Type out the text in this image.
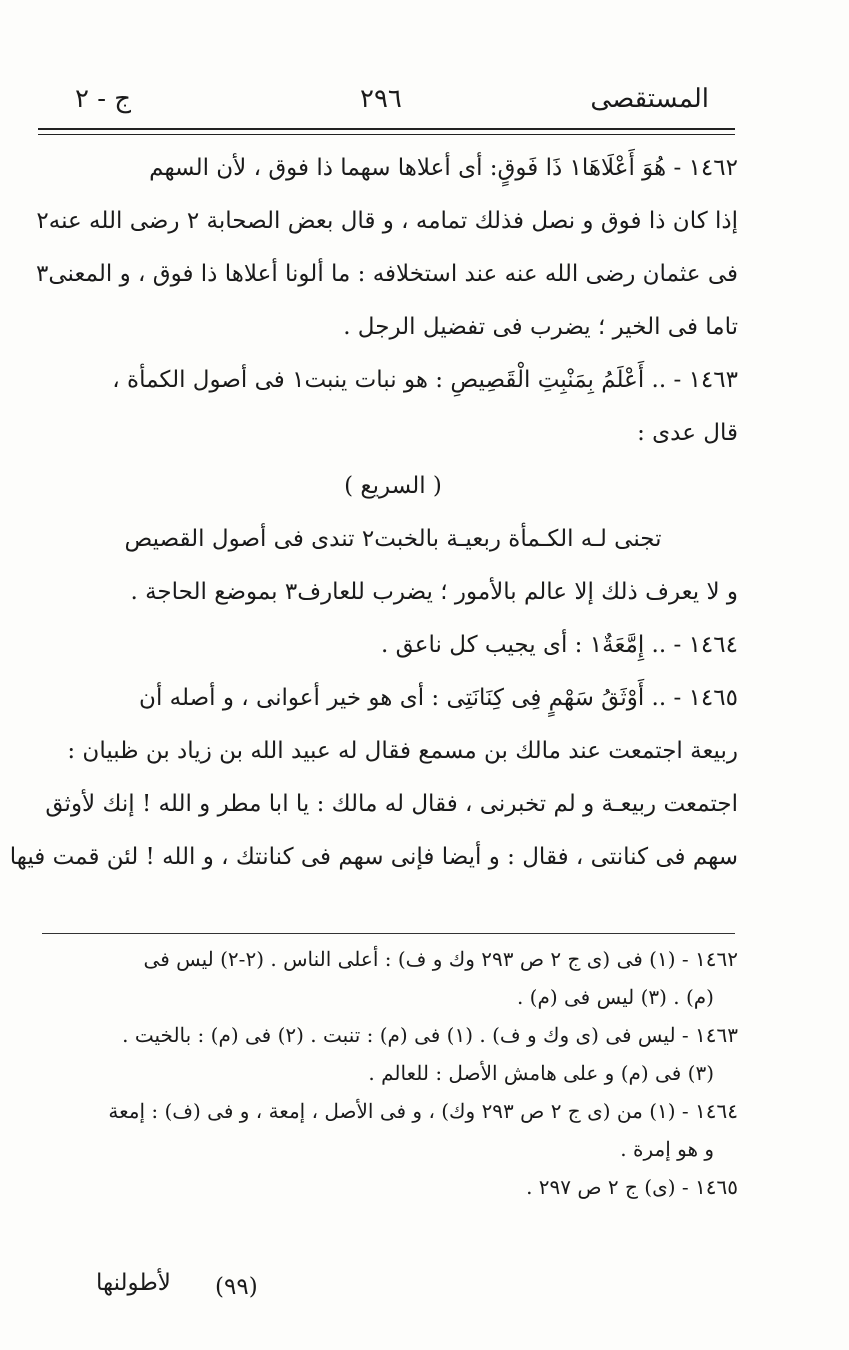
المستقصى
٢٩٦
ج - ٢
١٤٦٢ - هُوَ أَعْلَاهَا١ ذَا فَوقٍ: أى أعلاها سهما ذا فوق ، لأن السهم
إذا كان ذا فوق و نصل فذلك تمامه ، و قال بعض الصحابة ٢ رضى الله عنه٢
فى عثمان رضى الله عنه عند استخلافه : ما ألونا أعلاها ذا فوق ، و المعنى٣
تاما فى الخير ؛ يضرب فى تفضيل الرجل .
١٤٦٣ - .. أَعْلَمُ بِمَنْبِتِ الْقَصِيصِ : هو نبات ينبت١ فى أصول الكمأة ،
قال عدى :
( السريع )
تجنى لـه الكـمأة ربعيـة بالخبت٢ تندى فى أصول القصيص
و لا يعرف ذلك إلا عالم بالأمور ؛ يضرب للعارف٣ بموضع الحاجة .
١٤٦٤ - .. إِمَّعَةٌ١ : أى يجيب كل ناعق .
١٤٦٥ - .. أَوْثَقُ سَهْمٍ فِى كِنَانَتِى : أى هو خير أعوانى ، و أصله أن
ربيعة اجتمعت عند مالك بن مسمع فقال له عبيد الله بن زياد بن ظبيان :
اجتمعت ربيعـة و لم تخبرنى ، فقال له مالك : يا ابا مطر و الله ! إنك لأوثق
سهم فى كنانتى ، فقال : و أيضا فإنى سهم فى كنانتك ، و الله ! لئن قمت فيها
١٤٦٢ - (١) فى (ى ج ٢ ص ٢٩٣ وك و ف) : أعلى الناس . (٢-٢) ليس فى
(م) . (٣) ليس فى (م) .
١٤٦٣ - ليس فى (ى وك و ف) . (١) فى (م) : تنبت . (٢) فى (م) : بالخيت .
(٣) فى (م) و على هامش الأصل : للعالم .
١٤٦٤ - (١) من (ى ج ٢ ص ٢٩٣ وك) ، و فى الأصل ، إمعة ، و فى (ف) : إمعة
و هو إمرة .
١٤٦٥ - (ى) ج ٢ ص ٢٩٧ .
(٩٩)
لأطولنها
